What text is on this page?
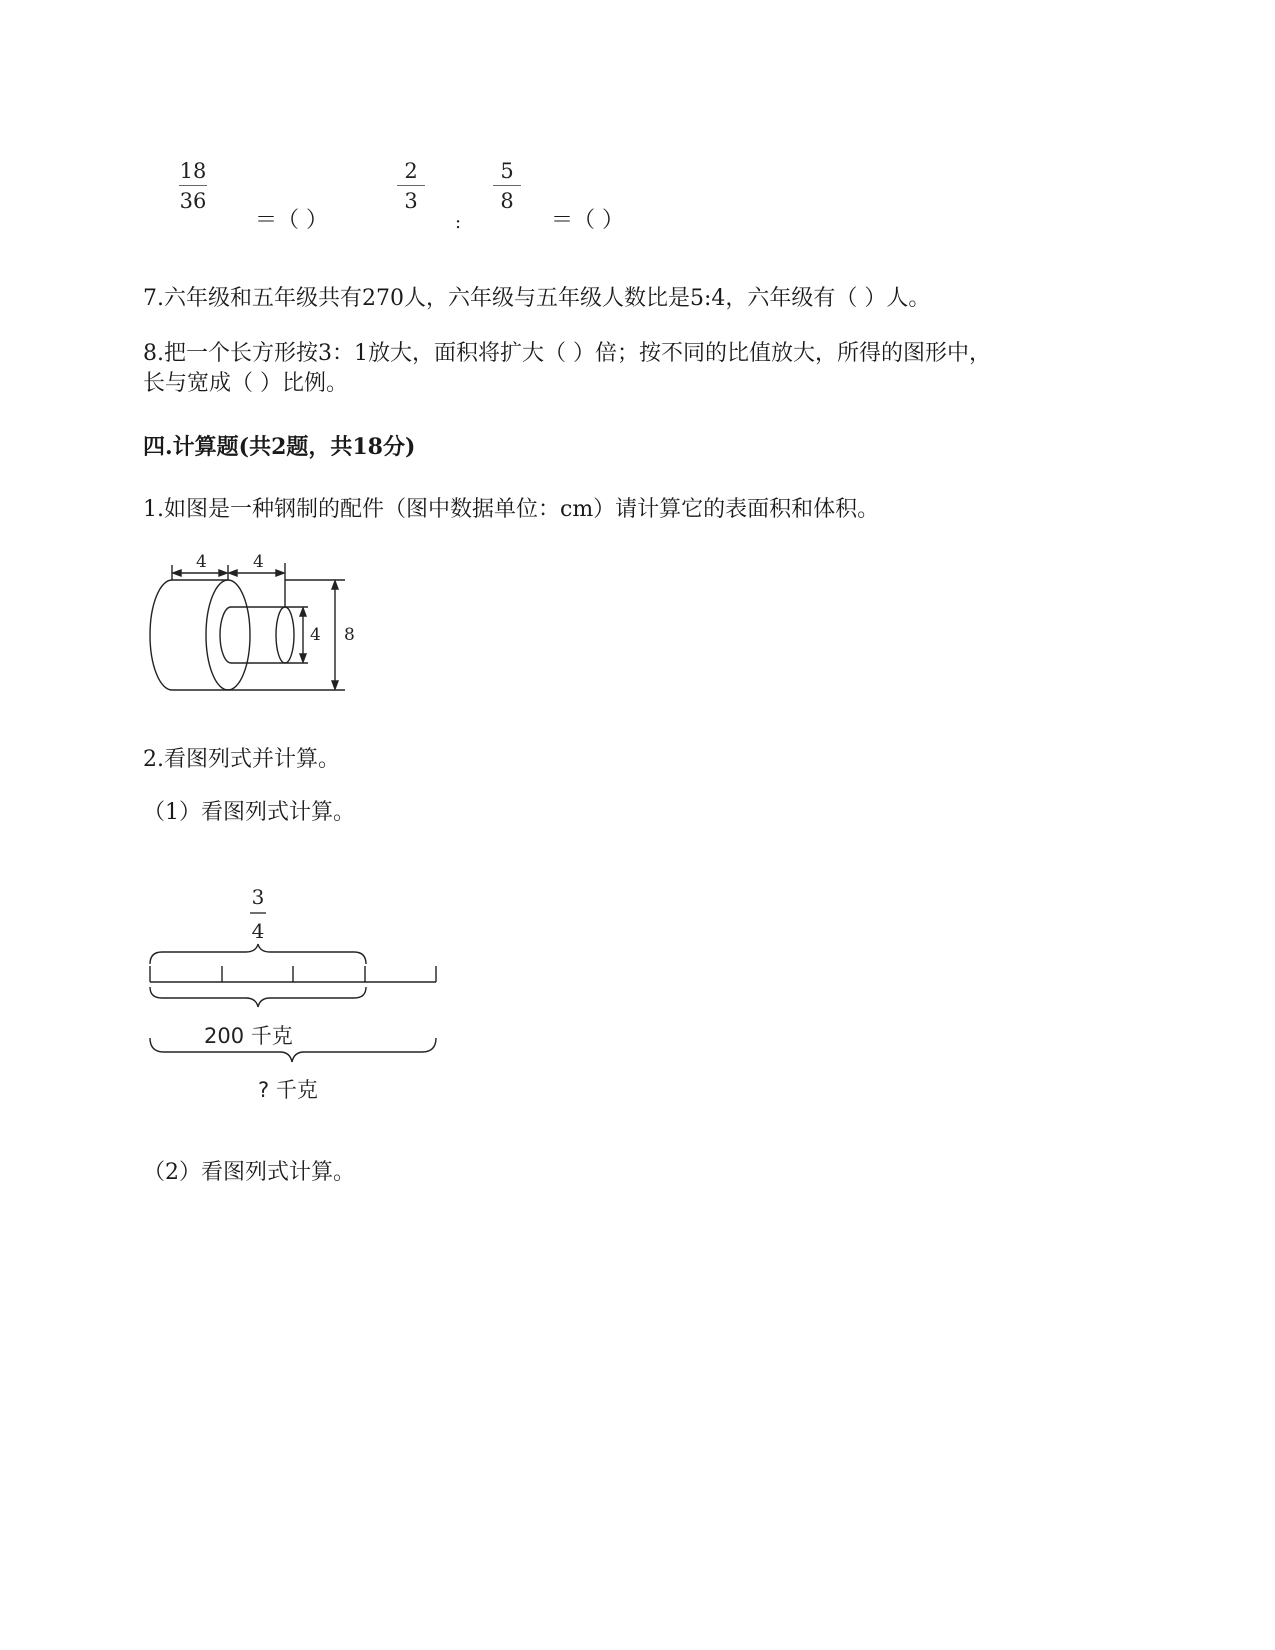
18
36
＝（ ）
2
3
:
5
8
＝（ ）
7.六年级和五年级共有270人，六年级与五年级人数比是5:4，六年级有（ ）人。
8.把一个长方形按3：1放大，面积将扩大（ ）倍；按不同的比值放大，所得的图形中，
长与宽成（ ）比例。
四.计算题(共2题，共18分)
1.如图是一种钢制的配件（图中数据单位：cm）请计算它的表面积和体积。
4	4
4 8
2.看图列式并计算。
（1）看图列式计算。
3
4
200 千克
? 千克
（2）看图列式计算。
